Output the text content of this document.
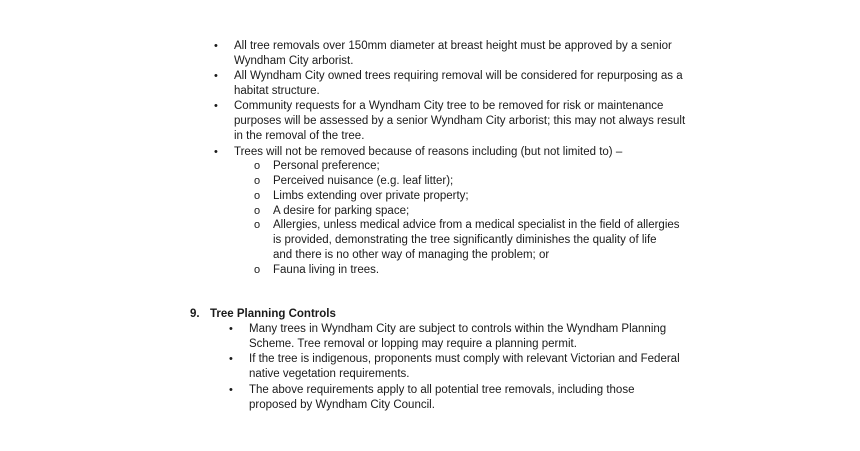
• All tree removals over 150mm diameter at breast height must be approved by a senior
Wyndham City arborist.
• All Wyndham City owned trees requiring removal will be considered for repurposing as a
habitat structure.
• Community requests for a Wyndham City tree to be removed for risk or maintenance
purposes will be assessed by a senior Wyndham City arborist; this may not always result
in the removal of the tree.
• Trees will not be removed because of reasons including (but not limited to) –
o Personal preference;
o Perceived nuisance (e.g. leaf litter);
o Limbs extending over private property;
o A desire for parking space;
o Allergies, unless medical advice from a medical specialist in the field of allergies
is provided, demonstrating the tree significantly diminishes the quality of life
and there is no other way of managing the problem; or
o Fauna living in trees.
9. Tree Planning Controls
• Many trees in Wyndham City are subject to controls within the Wyndham Planning
Scheme. Tree removal or lopping may require a planning permit.
• If the tree is indigenous, proponents must comply with relevant Victorian and Federal
native vegetation requirements.
• The above requirements apply to all potential tree removals, including those
proposed by Wyndham City Council.
